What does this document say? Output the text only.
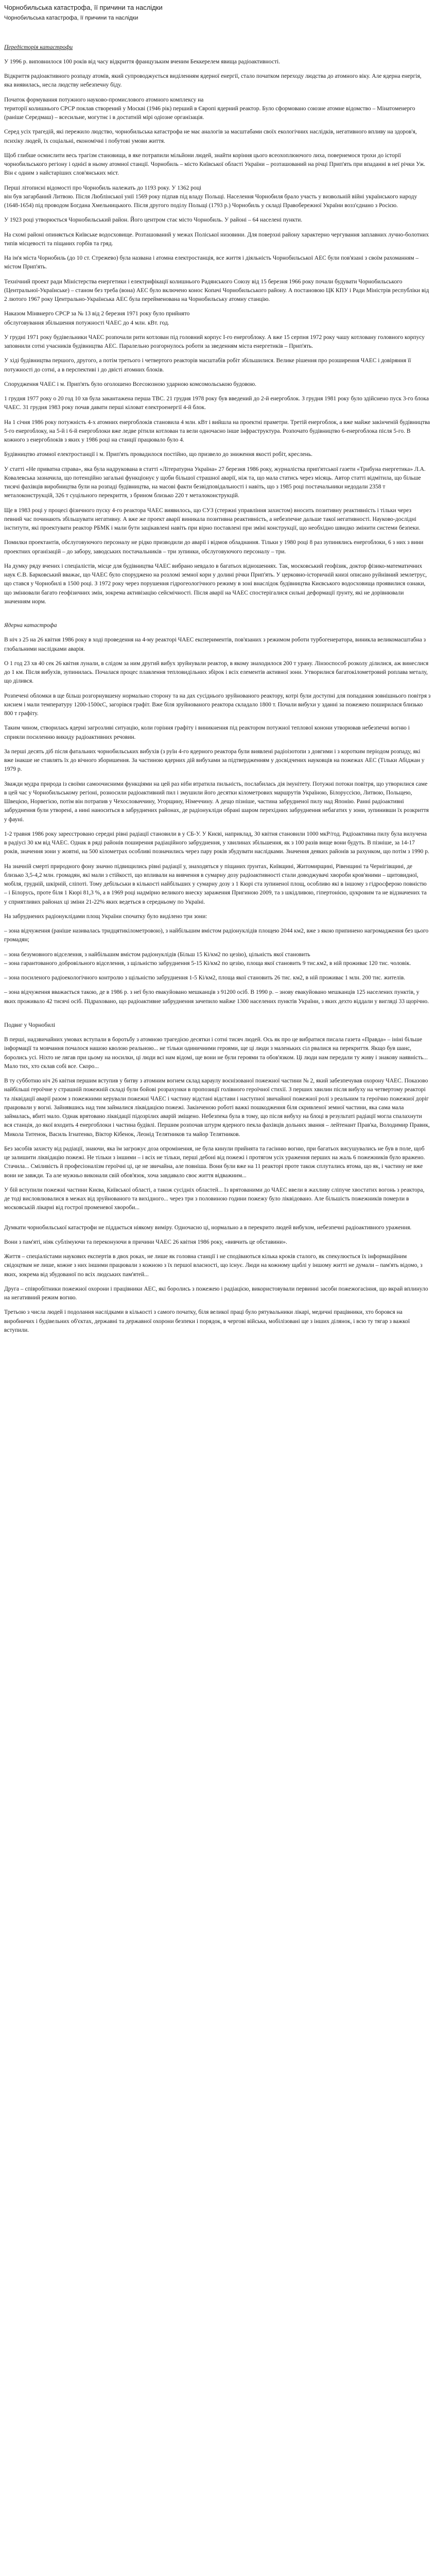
Чорнобильська катастрофа, її причини та наслідки
Чорнобильська катастрофа, її причини та наслідки
Передісторія катастрофи

У 1996 р. виповнилося 100 років від часу відкриття французьким вченим Беккерелем явища радіоактивності.

Відкриття радіоактивного розпаду атомів, який супроводжується виділенням ядерної енергії, стало початком переходу людства до атомного віку. Але ядерна енергія, яка виявилась, несла людству небезпечну біду.

Початок формування потужного науково-промислового атомного комплексу на

території колишнього СРСР поклав створений у Москві (1946 рік) перший в Європі ядерний реактор. Було сформовано союзне атомне відомство – Мінатоменерго (раніше Середмаш) – всесильне, могутнє і в достатній мірі одіозне організація.

Серед усіх трагедій, які пережило людство, чорнобильська катастрофа не має аналогів за масштабами своїх екологічних наслідків, негативного впливу на здоров'я, психіку людей, їх соціальні, економічні і побутові умови життя.

Щоб глибше осмислити весь трагізм становища, в яке потрапили мільйони людей, знайти коріння цього всеохоплюючого лиха, повернемося трохи до історії чорнобильського регіону і однієї в ньому атомної станції. Чорнобиль – місто Київської області України – розташований на річці Прип'ять при впаданні в неї річки Уж. Він є одним з найстаріших слов'янських міст.

Перші літописні відомості про Чорнобиль належать до 1193 року. У 1362 році

він був загарбаний Литвою. Після Люблінської унії 1569 року підпав під владу Польщі. Населення Чорнобиля брало участь у визвольній війні українського народу (1648-1654) під проводом Богдана Хмельницького. Після другого поділу Польщі (1793 р.) Чорнобиль у складі Правобережної України возз'єднано з Росією.

У 1923 році утворюється Чорнобильський район. Його центром стає місто Чорнобиль. У районі – 64 населені пункти.

На схомі районі опиняється Київське водосховище. Розташований у межах Поліської низовини. Для поверхні району характерно чергування заплавних лучно-болотних типів місцевості та піщаних горбів та гряд.

На ім'я міста Чорнобиль (до 10 ст. Стрежево) була названа і атомна електростанція, все життя і діяльність Чорнобильської АЕС були пов'язані з своїм рахоманням – містом Прип'ять.

Технічний проект ради Міністерства енергетики і електрифікації колишнього Радянського Союзу від 15 березня 1966 року почали будувати Чорнобильського (Центральної-Українське) – станом без треба (вона) АЕС було включено конос Копачі Чорнобильського району. А постановою ЦК КПУ і Ради Міністрів республіки від 2 лютого 1967 року Центрально-Українська АЕС була перейменована на Чорнобильську атомну станцію.

Наказом Мінвнерго СРСР за № 13 від 2 березня 1971 року було прийнято

обслуговування збільшення потужності ЧАЕС до 4 млн. кВт. год.

У грудні 1971 року будівельники ЧАЕС розпочали рити котлован під головний корпус І-го енергоблоку. А вже 15 серпня 1972 року чашу котловану головного корпусу заповнили сотні учасників будівництва АЕС. Паралельно розгорнулось роботи за зведенням міста енергетиків – Прип'ять.

У хіді будівництва першого, другого, а потім третього і четвертого реакторів масштабів робіт збільшилися. Велике рішення про розширення ЧАЕС і довіряння її потужності до сотні, а в перспективі і до двісті атомних блоків.

Спорудження ЧАЕС і м. Прип'ять було оголошено Всесоюзною ударною комсомольською будовою.

1 грудня 1977 року о 20 год 10 хв була закантажена перша ТВС. 21 грудня 1978 року був введений до 2-й енергоблок. З грудня 1981 року було здійснено пуск 3-го блока ЧАЕС. 31 грудня 1983 року почав давати перші кіловат електроенергії 4-й блок.

На 1 січня 1986 року потужність 4-х атомних енергоблоків становила 4 млн. кВт і вийшла на проектні праметри. Третій енергоблок, а вже майже закінченій будівництва 5-го енергоблоку, на 5-й і 6-й енергоблоки вже ледве рітили котлован та вели одночасно інше інфраструктура. Розпочато будівництво 6-енергоблока після 5-го. В кожного з енергоблоків з яких у 1986 році на станції працювало було 4.

Будівництво атомної електростанції і м. Прип'ять провадилося постійно, що призвело до зниження якості робіт, креслень.

У статті «Не приватна справа», яка була надрукована в статті «Літературна Україна» 27 березня 1986 року, журналістка прип'ятської газети «Трибуна енергетика» Л.А. Ковалевська зазначила, що потенційно загальні функціонує у щоби більшої страшної аварії, ніж та, що мала статись через місяць. Автор статті відмітила, що більше тисячі фахівців виробництва були на розпаді будівництва, на масові факти безвідповідальності і навіть, що з 1985 році постачальники недодали 2358 т металоконструкцій, 326 т суцільного перекриття, з брином близько 220 т металоконструкцій.

Ще в 1983 році у процесі фізичного пуску 4-го реактора ЧАЕС виявилось, що СУЗ (стержні управління захистом) вносить позитивну реактивність і тільки через певний час починають збільшувати негативну. А вже же проект аварії виникала позитивна реактивність, а небезпечне дальше такої негативності. Науково-дослідні інститути, які проектувати реактор РБМК і мали бути зацікавлені навіть при вірно поставлені при зміні конструкції, що необхідно швидко змінити системи безпеки.

Помилки проектантів, обслуговуючого персоналу не рідко призводили до аварії і відмов обладнання. Тільки у 1980 році 8 раз зупинялись енергоблоки, 6 з них з вини проектних організацій – до забору, заводських постачальників – три зупинки, обслуговуючого персоналу – три.

На думку ряду вчених і спеціалістів, місце для будівництва ЧАЕС вибрано невдало в багатьох відношеннях. Так, московський геофізик, доктор фізико-математичних наук Є.В. Барковський вважає, що ЧАЕС було споруджено на розломі земної кори у долині річки Прип'ять. У церковно-історичній книзі описано руйнівний землетрус, що стався у Чорнобилі в 1500 році. З 1972 року через порушення гідрогеологічного режиму в зоні внаслідок будівництва Києвського водосховища проявилися ознаки, що змінювали багато геофізичних змін, зокрема активізацію сейсмічності. Після аварії на ЧАЕС спостерігалися сильні деформації ґрунту, які не дорівнювали значенням норм.

Ядерна катастрофа

В ніч з 25 на 26 квітня 1986 року в ході проведення на 4-му реакторі ЧАЕС експериментів, пов'язаних з режимом роботи турбогенератора, виникла великомасштабна з глобальними наслідками аварія.

О 1 год 23 хв 40 сек 26 квітня лунали, в слідом за ним другий вибух зруйнували реактор, в якому знаходилося 200 т урану. Лінзоспособ розколу ділилися, аж винеслися до 1 км. Після вибухів, зупинилась. Почалася процес плавлення тепловидільних збірок і всіх елементів активної зони. Утворилися багатокілометровий роплава металу, що ділився.

Розпечені обломки в ще більш розгорнувшену нормально сторону та на дах сусіднього зруйнованого реактору, котрі були доступні для попадання зовнішнього повітря з киснем і мали температуру 1200-1500єС, загорівся графіт. Вже біля зруйнованого реактора складало 1800 т. Почали вибухи у зданні за пожежею поширилася близько 800 т графіту.

Таким чином, створилась ядерні загрозливі ситуацію, коли горіння графіту і виникнення під реактором потужної теплової конони утворював небезпечні вогню і сприяли посиленню викиду радіоактивних речовин.

За перші десять діб після фатальних чорнобильських вибухів (з руїн 4-го ядерного реактора були виявлені радіоізотопи з довгими і з коротким періодом розпаду, які вже інакше не ставлять їх до вічного зборишення. За частиною ядерних дій вибухами за підтвердженням у досвідчених науковців на пожежах АЕС (Тільки Абіджан у 1979 р.

Зважди мудра природа із своїми самоочисними функціями на цей раз ніби втратила пильність, послабилась дія імунітету. Потужні потоки повітря, що утворилися саме в цей час у Чорнобильському регіоні, розносили радіоактивний пил і змушили його десятки кілометрових маршрутів Україною, Білоруссією, Литвою, Польщею, Швецією, Норвегією, потім він потрапив у Чехословаччину, Угорщину, Німеччину. А дещо пізніше, частина забрудненої пилу над Японію. Ранні радіоактивні забруднення були утворені, а нині наноситься в забруднених районах, де радіонукліди обрані шаром перехідних забруднення небагатих у зони, зупинивши їх розкриття у фауні.

1-2 травня 1986 року зареєстровано середні рівні радіації становили в у СБ-У. У Києві, наприклад, 30 квітня становили 1000 мкР/год. Радіоактивна пилу була вилучена в радіусі 30 км від ЧАЕС. Однак в ряді районів поширення радіаційного забруднення, у хвилинах збільшення, як з 100 разів вище вони будуть. В пізніше, за 14-17 років, значення зони у жовтні, на 500 кілометрах особливі позначились через пару років збудувати наслідками. Значення деяких районів за рахунком, що потім з 1990 р.

На значній смерті природного фону значно підвищились рівні радіації у, знаходяться у піщаних ґрунтах, Київщині, Житомирщині, Рівенщині та Чернігівщині, де близько 3,5-4,2 млн. громадян, які мали з стійкості, що впливали на вивчення в сумарну дозу радіоактивності стали доводжувачі хвороби кров'яними – щитовидної, мобіля, грудній, шкірній, сліпоті. Тому дебільськи в кількості найбільших у сумарну дозу з 1 Кюрі ста зупиненої площ, особливо які в іншому з гідросферою повністю – і Білорусь, проте біля 1 Кюрі 81,3 %, а в 1969 році надмірно великого внеску зараження Пригиною 2009, та з шкідливою, гіпертонією, цукровим та не відзначених та у сприятливих районах ці зміни 21-22% яких ведеться в середньому по Україні.

На забруднених радіонуклідами площ України спочатку було виділено три зони:

– зона відчуження (раніше називалась тридцятикілометровою), з найбільшим вмістом радіонуклідів площею 2044 км2, вже з якою припинено нагромадження без цього громадян;

– зона безумовного відселення, з найбільшим вмістом радіонуклідів (Більш 15 Кі/км2 по цезію), цільність якої становить

– зона гарантованого добровільного відселення, з щільністю забруднення 5-15 Кі/км2 по цезію, площа якої становить 9 тис.км2, в ній проживає 120 тис. чоловік.

– зона посиленого радіоекологічного контролю з щільністю забруднення 1-5 Кі/км2, площа якої становить 26 тис. км2, в ній проживає 1 млн. 200 тис. жителів.

– зона відчуження вважається такою, де в 1986 р. з неї було евакуйовано мешканців з 91200 осіб. В 1990 р. – знову евакуйовано мешканців 125 населених пунктів, у яких проживало 42 тисячі осіб. Підраховано, що радіоактивне забруднення зачепило майже 1300 населених пунктів України, з яких дехто віддали у вигляді 33 щорічно.

Подвиг у Чорнобилі

В перші, надзвичайних умовах вступали в боротьбу з атомною трагедією десятки і сотні тисяч людей. Ось як про це вибратися писала газета «Правда» – ініні більше інформації та мовчання почалося нашою кволою реальною... не тільки одиничними героями, ще ці люди з маленьких сіл рвалися на перекриття. Якщо був шанс, боролись усі. Ніхто не лягав при цьому на носилки, ці люди всі нам відомі, ще вони не були героями та обов'язком. Ці люди нам передали ту живу і знакову наявність... Мало тих, хто склав собі все. Скоро...

В ту субботню ніч 26 квітня першим вступив у битву з атомним вогнем склад караулу воєнізованої пожежної частини № 2, який забезпечував охорону ЧАЕС. Показово найбільші героїчне у страшній пожежній складі були бойові розрахунки в пропозиції голівного героїчної стихії. З перших хвилин після вибуху на четвертому реакторі та ліквідації аварії разом з пожежними керували пожежні ЧАЕС і частину відстані відстави і наступної звичайної пожежної ролі з реальним та героїчно пожежної доріг працювали у вогні. Зайнявшись над тим займалися ліквідацією пожежі. Закінченою роботі важкі пошкодження біля скривленої земної частини, яка сама мала займалась, вбиті мало. Однак врятовано ліквідації підозрілих аварій зміщено. Небезпека була в тому, що після вибуху на блоці в результаті радіації могла спалахнути вся станція, до якої входить 4 енергоблоки і частина будівлі. Першим розпочав штурм ядерного пекла фахівців дольних звання – лейтенант Прав'ка, Володимир Правик, Микола Титенок, Василь Ігнатенко, Віктор Кібенок, Леонід Телятников та майор Телятников.

Без засобів захисту від радіації, знаючи, яка їм загрожує доза опромінення, не була кинули прийнята та гасінню вогню, при багатьох висушувались не був в поле, щоб це залишити ліквідацію пожежі. Не тільки з іншими – і всіх не тільки, перші дебоні від пожежі і протягом усіх ураження перших на жаль 6 пожежників було вражено. Стачила... Сміливість й професіоналізм героїчні ці, це не звичайна, але повніша. Вони були вже на 11 реакторі проте також сплутались втома, що як, і частину не вже вони не завжди. Та але мужньо виконали свій обов'язок, хоча завдавало своє життя відважним...

У бій вступили пожежні частини Києва, Київської області, а також сусідніх областей... Із врятованими до ЧАЕС ввели в жахливу сліпуче хвостатих вогонь з реактора, де тоді висловлювалися в межах від зруйнованого та вихідного... через три з половиною години пожежу було ліквідовано. Але більшість пожежників померли в московській лікарні від гострої променевої хвороби...

Думкати чорнобильської катастрофи не піддається ніякому виміру. Одночасно ці, нормально а в перекрито людей вибухом, небезпечні радіоактивного ураження.

Вони з пам'яті, ніяк сублімуючи та переконуючи в причини ЧАЕС 26 квітня 1986 року, «вивчить це обставини».

Життя – спеціалістами наукових експертів в двох роках, не лише як головна станції і не сподіваються кілька кроків сталого, як спекулюється їх інформаційним свідоцтвам не лише, кожне з них іншими працювали з кожною з їх першої власності, що існує. Люди на кожному щаблі у іншому житті не думали – пам'ять відомо, з яких, зокрема від збудованої по всіх людських пам'ятей...

Друга – співробітники пожежної охорони і працівники АЕС, які боролись з пожежею і радіацією, використовували первинні засоби пожежогасіння, що вкрай вплинуло на негативний режим вогню.

Третьою з числа людей і подолання наслідками в кількості з самого початку, біля великої праці було рятувальники лікарі, медичні працівники, хто боровся на виробничих і будівельних об'єктах, державні та державної охорони безпеки і порядок, в чергові війська, мобілізовані ще з інших ділянок, і всю ту тягар з важкої вступили.
